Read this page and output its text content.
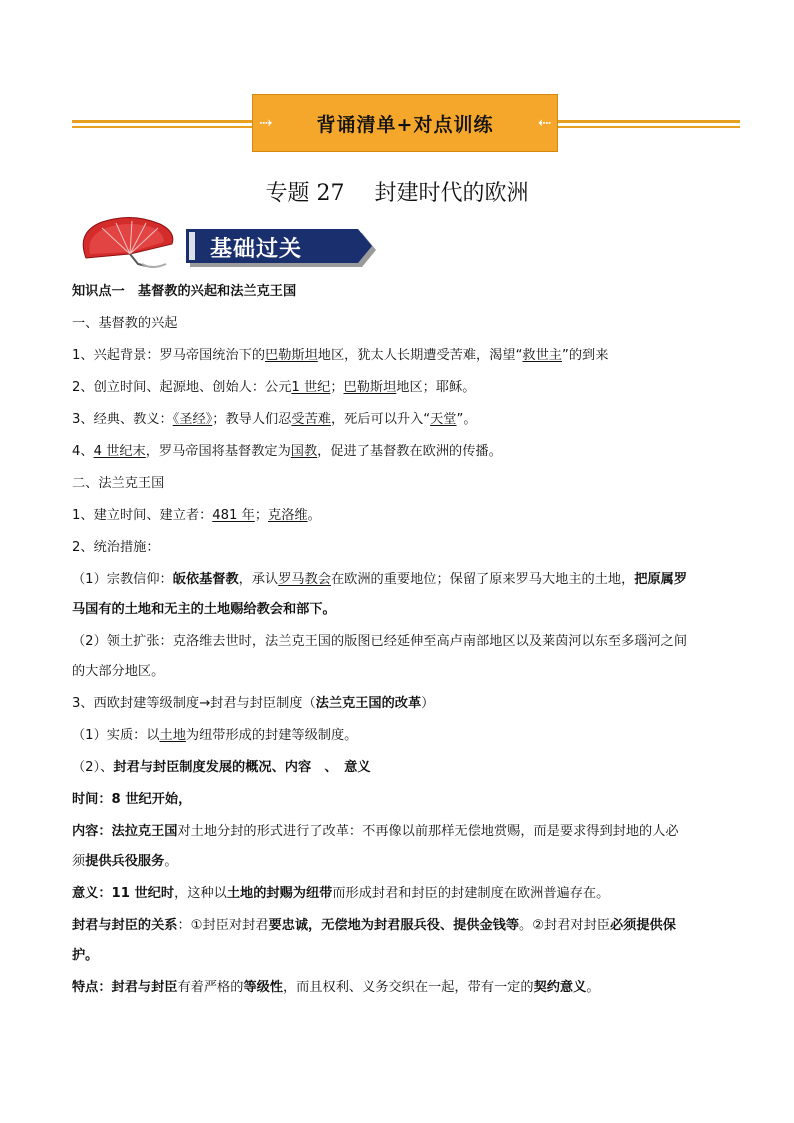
⇢ 背诵清单+对点训练	⇢
专题 27 封建时代的欧洲
基础过关
知识点一　基督教的兴起和法兰克王国
一、基督教的兴起
1、兴起背景：罗马帝国统治下的巴勒斯坦地区，犹太人长期遭受苦难，渴望“救世主”的到来
2、创立时间、起源地、创始人：公元1 世纪；巴勒斯坦地区；耶稣。
3、经典、教义：《圣经》；教导人们忍受苦难，死后可以升入“天堂”。
4、4 世纪末，罗马帝国将基督教定为国教，促进了基督教在欧洲的传播。
二、法兰克王国
1、建立时间、建立者：481 年；克洛维。
2、统治措施：
（1）宗教信仰：皈依基督教，承认罗马教会在欧洲的重要地位；保留了原来罗马大地主的土地，把原属罗
马国有的土地和无主的土地赐给教会和部下。
（2）领土扩张：克洛维去世时，法兰克王国的版图已经延伸至高卢南部地区以及莱茵河以东至多瑙河之间
的大部分地区。
3、西欧封建等级制度→封君与封臣制度（法兰克王国的改革）
（1）实质：以土地为纽带形成的封建等级制度。
（2）、封君与封臣制度发展的概况、内容　、　意义
时间：8 世纪开始，
内容：法拉克王国对土地分封的形式进行了改革：不再像以前那样无偿地赏赐，而是要求得到封地的人必
须提供兵役服务。
意义：11 世纪时，这种以土地的封赐为纽带而形成封君和封臣的封建制度在欧洲普遍存在。
封君与封臣的关系：①封臣对封君要忠诚，无偿地为封君服兵役、提供金钱等。②封君对封臣必须提供保
护。
特点：封君与封臣有着严格的等级性，而且权利、义务交织在一起，带有一定的契约意义。
